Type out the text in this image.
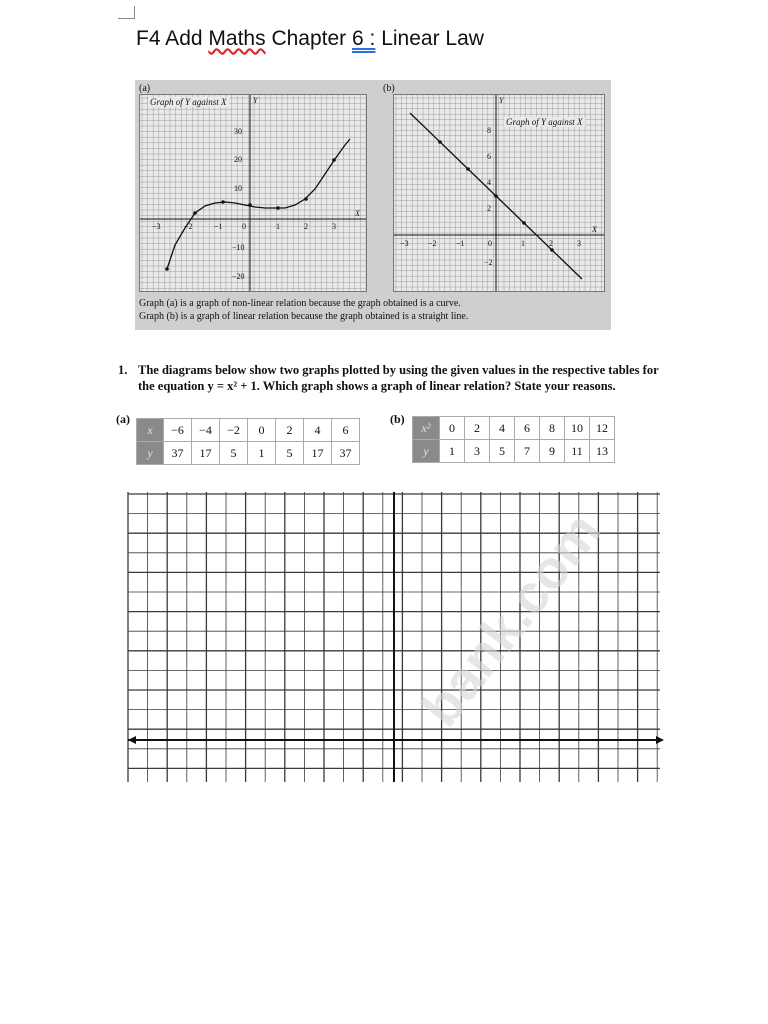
F4 Add Maths Chapter 6 : Linear Law
(a)	(b)
X
Y
0
−3	−2	−1	1	2	3
30
20
10
−10
−20
Graph of Y against X
X
Y
0
−3 −2 −1	1	2	3
8
6
4
2
−2
Graph of Y against X
Graph (a) is a graph of non-linear relation because the graph obtained is a curve.
Graph (b) is a graph of linear relation because the graph obtained is a straight line.
1. The diagrams below show two graphs plotted by using the given values in the respective tables for the equation y = x² + 1. Which graph shows a graph of linear relation? State your reasons.
(a)
x	−6	−4	−2	0	2	4	6
y	37	17	5	1	5	17	37
(b)
x²	0	2	4	6	8	10	12
y	1	3	5	7	9	11	13
bank.com
